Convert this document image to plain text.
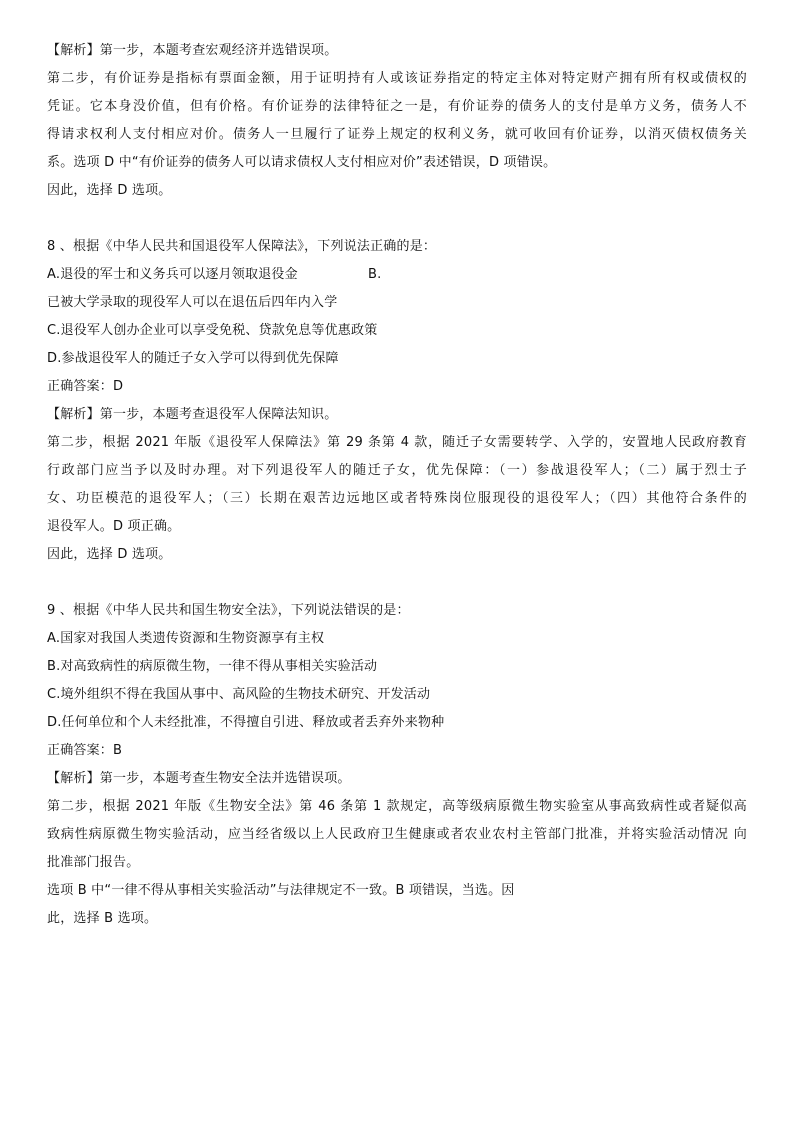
【解析】第一步，本题考查宏观经济并选错误项。
第二步，有价证券是指标有票面金额，用于证明持有人或该证券指定的特定主体对特定财产拥有所有权或债权的
凭证。它本身没价值，但有价格。有价证券的法律特征之一是，有价证券的债务人的支付是单方义务，债务人不
得请求权利人支付相应对价。债务人一旦履行了证券上规定的权利义务，就可收回有价证券，以消灭债权债务关
系。选项 D 中“有价证券的债务人可以请求债权人支付相应对价”表述错误，D 项错误。
因此，选择 D 选项。
8 、根据《中华人民共和国退役军人保障法》，下列说法正确的是：
A.退役的军士和义务兵可以逐月领取退役金	B.
已被大学录取的现役军人可以在退伍后四年内入学
C.退役军人创办企业可以享受免税、贷款免息等优惠政策
D.参战退役军人的随迁子女入学可以得到优先保障
正确答案：D
【解析】第一步，本题考查退役军人保障法知识。
第二步，根据 2021 年版《退役军人保障法》第 29 条第 4 款，随迁子女需要转学、入学的，安置地人民政府教育
行政部门应当予以及时办理。对下列退役军人的随迁子女，优先保障：（一）参战退役军人；（二）属于烈士子
女、功臣模范的退役军人；（三）长期在艰苦边远地区或者特殊岗位服现役的退役军人；（四）其他符合条件的
退役军人。D 项正确。
因此，选择 D 选项。
9 、根据《中华人民共和国生物安全法》，下列说法错误的是：
A.国家对我国人类遗传资源和生物资源享有主权
B.对高致病性的病原微生物，一律不得从事相关实验活动
C.境外组织不得在我国从事中、高风险的生物技术研究、开发活动
D.任何单位和个人未经批准，不得擅自引进、释放或者丢弃外来物种
正确答案：B
【解析】第一步，本题考查生物安全法并选错误项。
第二步，根据 2021 年版《生物安全法》第 46 条第 1 款规定，高等级病原微生物实验室从事高致病性或者疑似高
致病性病原微生物实验活动，应当经省级以上人民政府卫生健康或者农业农村主管部门批准，并将实验活动情况 向
批准部门报告。
选项 B 中“一律不得从事相关实验活动”与法律规定不一致。B 项错误，当选。因
此，选择 B 选项。
